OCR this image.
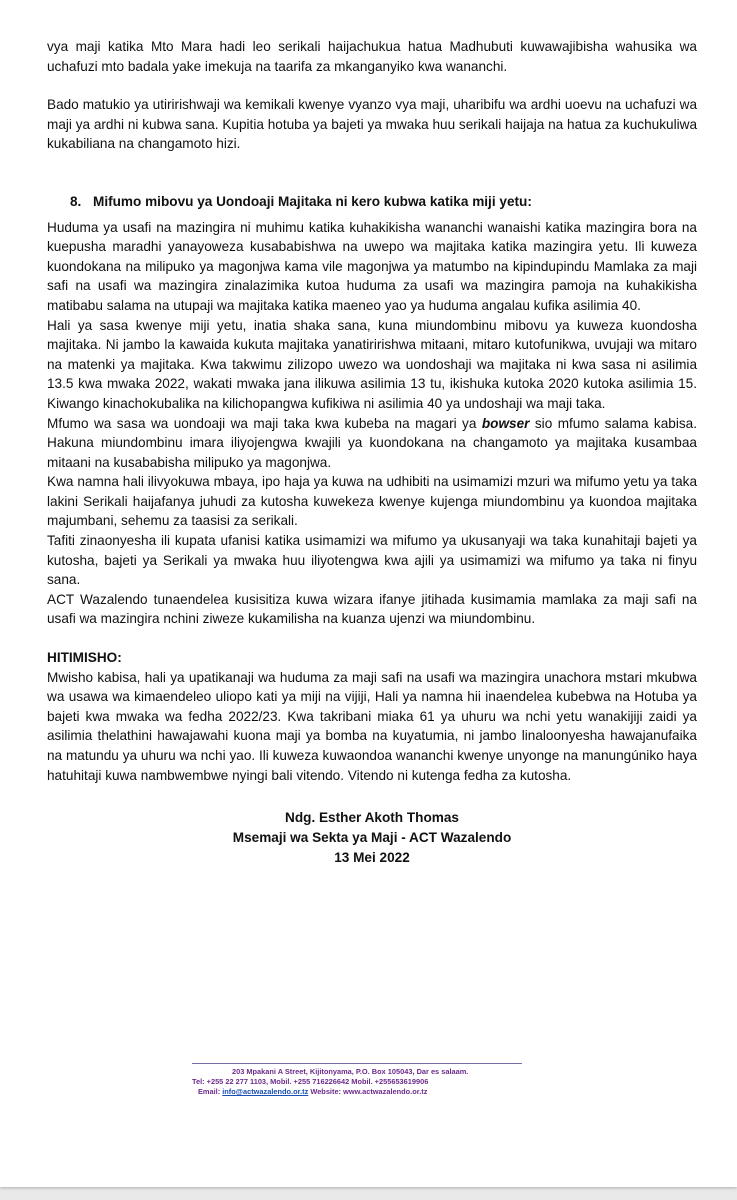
vya maji katika Mto Mara hadi leo serikali haijachukua hatua Madhubuti kuwawajibisha wahusika wa uchafuzi mto badala yake imekuja na taarifa za mkanganyiko kwa wananchi.

Bado matukio ya utiririshwaji wa kemikali kwenye vyanzo vya maji, uharibifu wa ardhi uoevu na uchafuzi wa maji ya ardhi ni kubwa sana. Kupitia hotuba ya bajeti ya mwaka huu serikali haijaja na hatua za kuchukuliwa kukabiliana na changamoto hizi.

8. Mifumo mibovu ya Uondoaji Majitaka ni kero kubwa katika miji yetu:

Huduma ya usafi na mazingira ni muhimu katika kuhakikisha wananchi wanaishi katika mazingira bora na kuepusha maradhi yanayoweza kusababishwa na uwepo wa majitaka katika mazingira yetu. Ili kuweza kuondokana na milipuko ya magonjwa kama vile magonjwa ya matumbo na kipindupindu Mamlaka za maji safi na usafi wa mazingira zinalazimika kutoa huduma za usafi wa mazingira pamoja na kuhakikisha matibabu salama na utupaji wa majitaka katika maeneo yao ya huduma angalau kufika asilimia 40.

Hali ya sasa kwenye miji yetu, inatia shaka sana, kuna miundombinu mibovu ya kuweza kuondosha majitaka. Ni jambo la kawaida kukuta majitaka yanatiririshwa mitaani, mitaro kutofunikwa, uvujaji wa mitaro na matenki ya majitaka. Kwa takwimu zilizopo uwezo wa uondoshaji wa majitaka ni kwa sasa ni asilimia 13.5 kwa mwaka 2022, wakati mwaka jana ilikuwa asilimia 13 tu, ikishuka kutoka 2020 kutoka asilimia 15. Kiwango kinachokubalika na kilichopangwa kufikiwa ni asilimia 40 ya undoshaji wa maji taka.

Mfumo wa sasa wa uondoaji wa maji taka kwa kubeba na magari ya bowser sio mfumo salama kabisa. Hakuna miundombinu imara iliyojengwa kwajili ya kuondokana na changamoto ya majitaka kusambaa mitaani na kusababisha milipuko ya magonjwa.

Kwa namna hali ilivyokuwa mbaya, ipo haja ya kuwa na udhibiti na usimamizi mzuri wa mifumo yetu ya taka lakini Serikali haijafanya juhudi za kutosha kuwekeza kwenye kujenga miundombinu ya kuondoa majitaka majumbani, sehemu za taasisi za serikali.

Tafiti zinaonyesha ili kupata ufanisi katika usimamizi wa mifumo ya ukusanyaji wa taka kunahitaji bajeti ya kutosha, bajeti ya Serikali ya mwaka huu iliyotengwa kwa ajili ya usimamizi wa mifumo ya taka ni finyu sana.

ACT Wazalendo tunaendelea kusisitiza kuwa wizara ifanye jitihada kusimamia mamlaka za maji safi na usafi wa mazingira nchini ziweze kukamilisha na kuanza ujenzi wa miundombinu.

HITIMISHO:

Mwisho kabisa, hali ya upatikanaji wa huduma za maji safi na usafi wa mazingira unachora mstari mkubwa wa usawa wa kimaendeleo uliopo kati ya miji na vijiji, Hali ya namna hii inaendelea kubebwa na Hotuba ya bajeti kwa mwaka wa fedha 2022/23. Kwa takribani miaka 61 ya uhuru wa nchi yetu wanakijiji zaidi ya asilimia thelathini hawajawahi kuona maji ya bomba na kuyatumia, ni jambo linaloonyesha hawajanufaika na matundu ya uhuru wa nchi yao. Ili kuweza kuwaondoa wananchi kwenye unyonge na manungúniko haya hatuhitaji kuwa nambwembwe nyingi bali vitendo. Vitendo ni kutenga fedha za kutosha.

Ndg. Esther Akoth Thomas
Msemaji wa Sekta ya Maji - ACT Wazalendo
13 Mei 2022
203 Mpakani A Street, Kijitonyama, P.O. Box 105043, Dar es salaam.
Tel: +255 22 277 1103, Mobil. +255 716226642 Mobil. +255653619906
Email: info@actwazalendo.or.tz Website: www.actwazalendo.or.tz
